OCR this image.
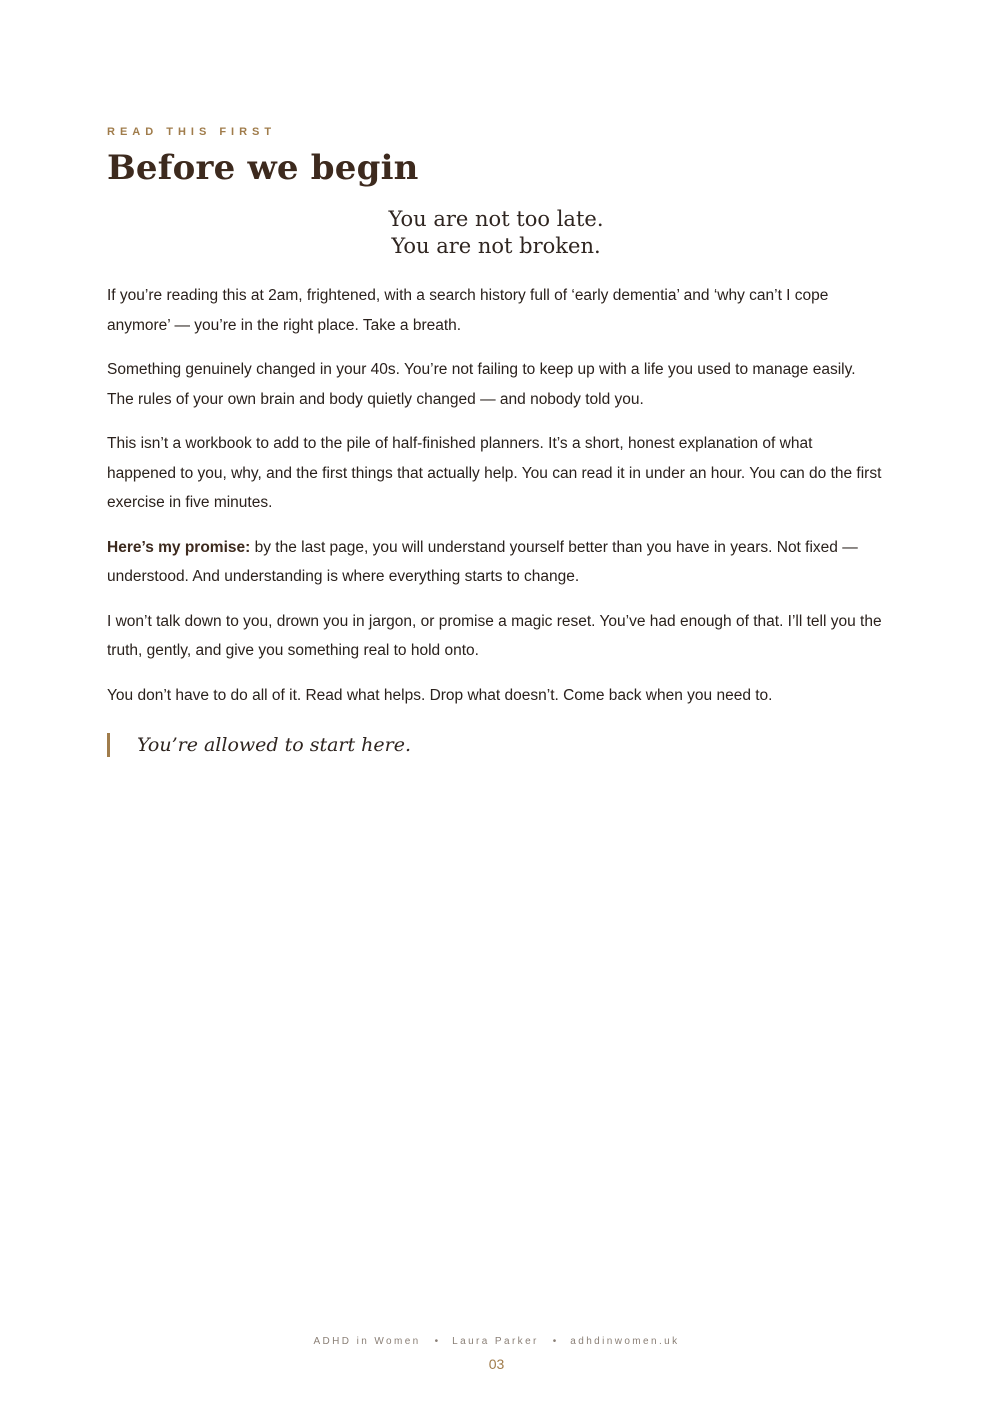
READ THIS FIRST

Before we begin
You are not too late.
You are not broken.

If you’re reading this at 2am, frightened, with a search history full of ‘early dementia’ and ‘why can’t I cope anymore’ — you’re in the right place. Take a breath.

Something genuinely changed in your 40s. You’re not failing to keep up with a life you used to manage easily. The rules of your own brain and body quietly changed — and nobody told you.

This isn’t a workbook to add to the pile of half-finished planners. It’s a short, honest explanation of what happened to you, why, and the first things that actually help. You can read it in under an hour. You can do the first exercise in five minutes.

Here’s my promise: by the last page, you will understand yourself better than you have in years. Not fixed — understood. And understanding is where everything starts to change.

I won’t talk down to you, drown you in jargon, or promise a magic reset. You’ve had enough of that. I’ll tell you the truth, gently, and give you something real to hold onto.

You don’t have to do all of it. Read what helps. Drop what doesn’t. Come back when you need to.

You’re allowed to start here.
ADHD in Women • Laura Parker • adhdinwomen.uk
03
